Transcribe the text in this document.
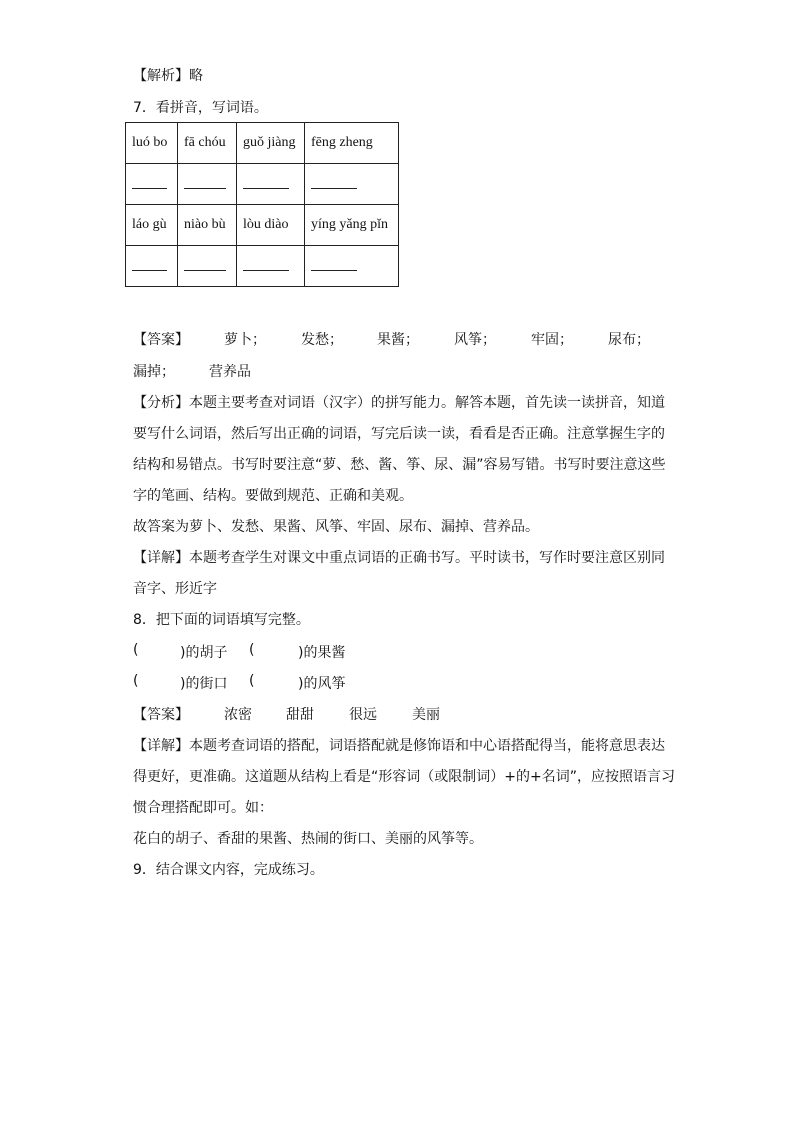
【解析】略
7．看拼音，写词语。
luó bo	fā chóu	guǒ jiàng	fēng zheng

láo gù	niào bù	lòu diào	yíng yǎng pǐn

【答案】	萝卜；	发愁； 果酱；	风筝；	牢固；	尿布；
漏掉； 营养品
【分析】本题主要考查对词语（汉字）的拼写能力。解答本题，首先读一读拼音，知道
要写什么词语，然后写出正确的词语，写完后读一读，看看是否正确。注意掌握生字的
结构和易错点。书写时要注意“萝、愁、酱、筝、尿、漏”容易写错。书写时要注意这些
字的笔画、结构。要做到规范、正确和美观。
故答案为萝卜、发愁、果酱、风筝、牢固、尿布、漏掉、营养品。
【详解】本题考查学生对课文中重点词语的正确书写。平时读书，写作时要注意区别同
音字、形近字
8．把下面的词语填写完整。
(	)的胡子 (	)的果酱
(	)的街口 (	)的风筝
【答案】	浓密 甜甜	很远	美丽
【详解】本题考查词语的搭配，词语搭配就是修饰语和中心语搭配得当，能将意思表达
得更好，更准确。这道题从结构上看是“形容词（或限制词）+的+名词”，应按照语言习
惯合理搭配即可。如：
花白的胡子、香甜的果酱、热闹的街口、美丽的风筝等。
9．结合课文内容，完成练习。
